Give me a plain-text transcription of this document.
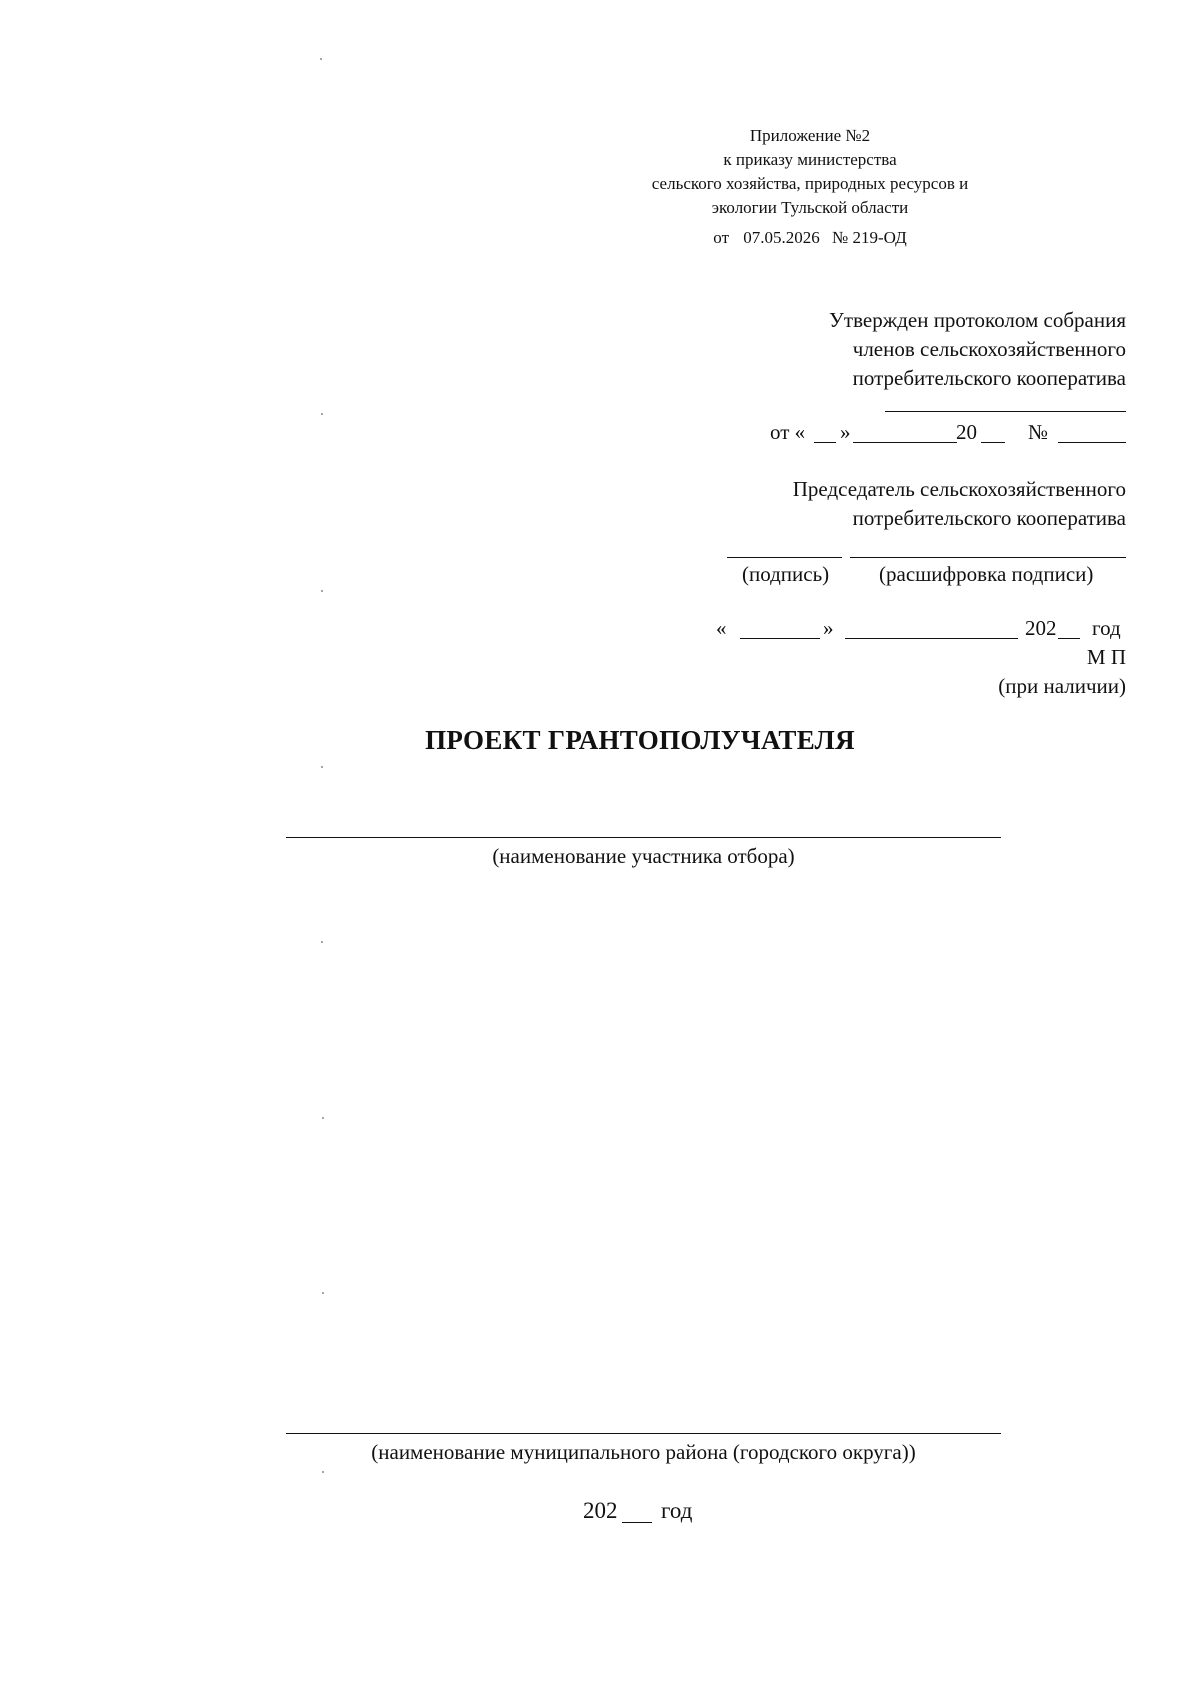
Приложение №2
к приказу министерства
сельского хозяйства, природных ресурсов и
экологии Тульской области
от 07.05.2026 № 219-ОД
Утвержден протоколом собрания
членов сельскохозяйственного
потребительского кооператива
от « »	20 №
Председатель сельскохозяйственного
потребительского кооператива
(подпись) (расшифровка подписи)
«	»	202 год
М П
(при наличии)
ПРОЕКТ ГРАНТОПОЛУЧАТЕЛЯ
(наименование участника отбора)
(наименование муниципального района (городского округа))
202 год
